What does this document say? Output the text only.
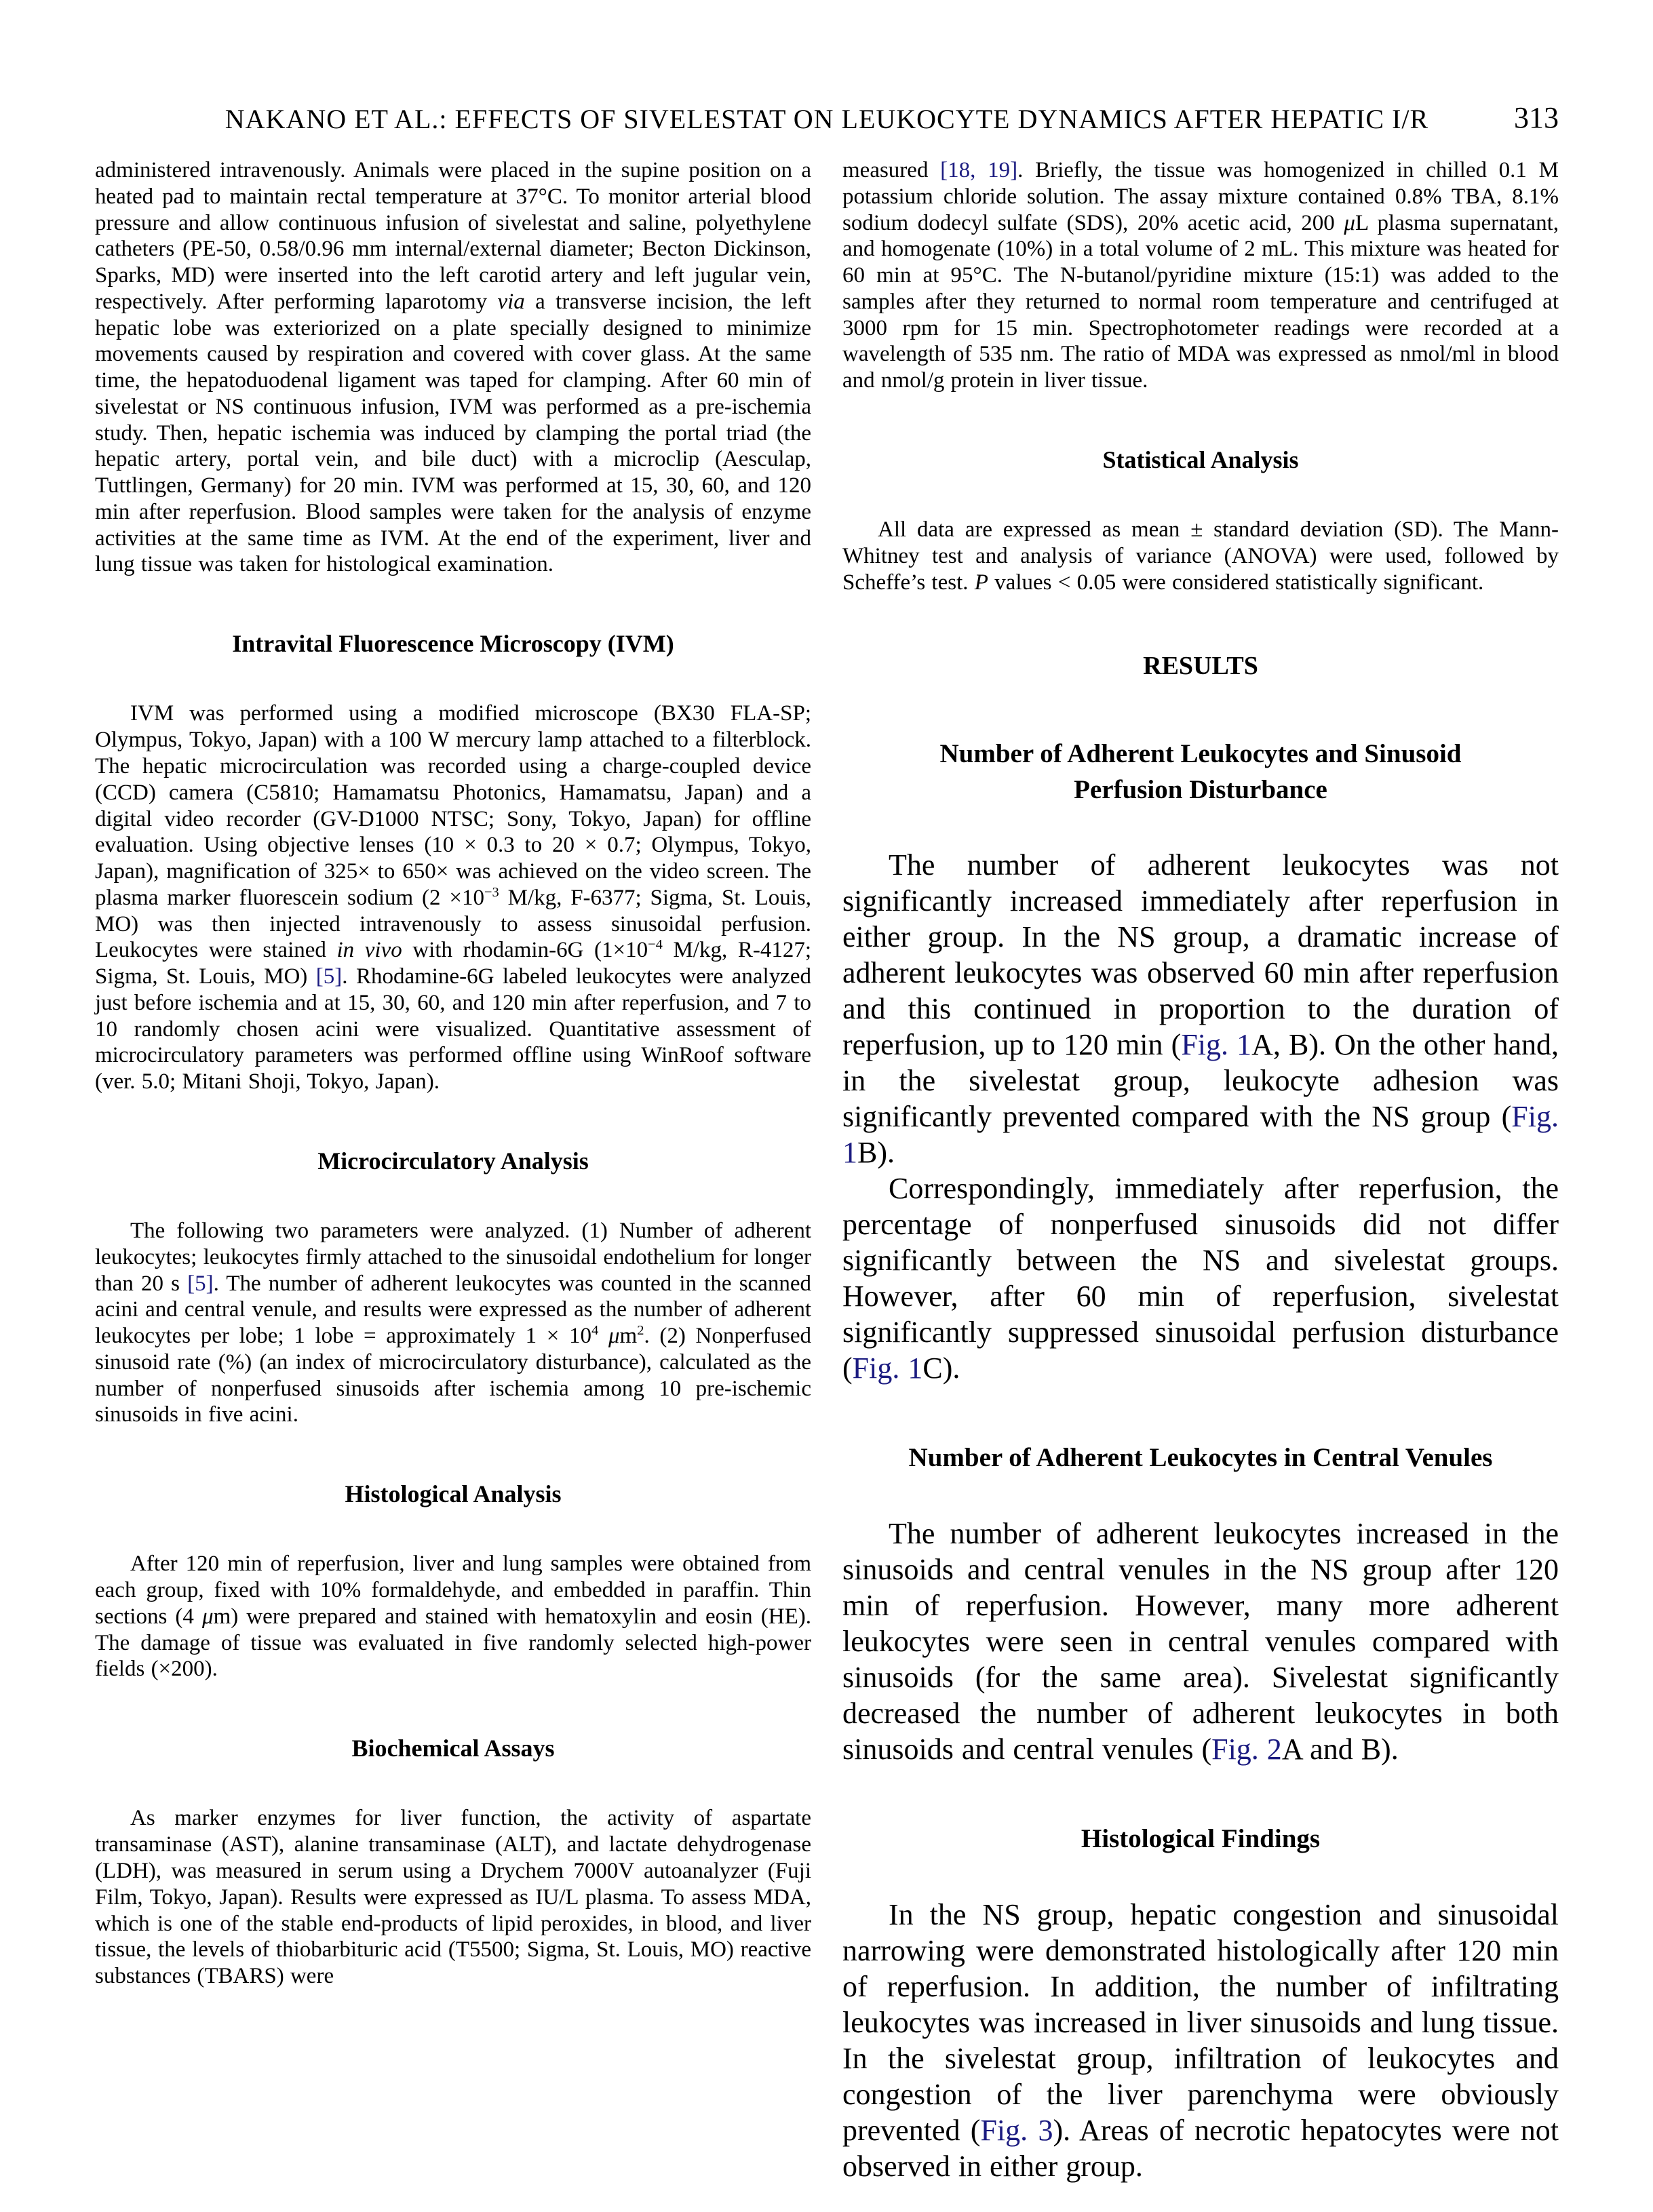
NAKANO ET AL.: EFFECTS OF SIVELESTAT ON LEUKOCYTE DYNAMICS AFTER HEPATIC I/R	313

administered intravenously. Animals were placed in the supine position on a heated pad to maintain rectal temperature at 37°C. To monitor arterial blood pressure and allow continuous infusion of sivelestat and saline, polyethylene catheters (PE-50, 0.58/0.96 mm internal/external diameter; Becton Dickinson, Sparks, MD) were inserted into the left carotid artery and left jugular vein, respectively. After performing laparotomy via a transverse incision, the left hepatic lobe was exteriorized on a plate specially designed to minimize movements caused by respiration and covered with cover glass. At the same time, the hepatoduodenal ligament was taped for clamping. After 60 min of sivelestat or NS continuous infusion, IVM was performed as a pre-ischemia study. Then, hepatic ischemia was induced by clamping the portal triad (the hepatic artery, portal vein, and bile duct) with a microclip (Aesculap, Tuttlingen, Germany) for 20 min. IVM was performed at 15, 30, 60, and 120 min after reperfusion. Blood samples were taken for the analysis of enzyme activities at the same time as IVM. At the end of the experiment, liver and lung tissue was taken for histological examination.

Intravital Fluorescence Microscopy (IVM)

IVM was performed using a modified microscope (BX30 FLA-SP; Olympus, Tokyo, Japan) with a 100 W mercury lamp attached to a filterblock. The hepatic microcirculation was recorded using a charge-coupled device (CCD) camera (C5810; Hamamatsu Photonics, Hamamatsu, Japan) and a digital video recorder (GV-D1000 NTSC; Sony, Tokyo, Japan) for offline evaluation. Using objective lenses (10 × 0.3 to 20 × 0.7; Olympus, Tokyo, Japan), magnification of 325× to 650× was achieved on the video screen. The plasma marker fluorescein sodium ($2 \times 10^{-3}$ M/kg, F-6377; Sigma, St. Louis, MO) was then injected intravenously to assess sinusoidal perfusion. Leukocytes were stained in vivo with rhodamin-6G ($1\times 10^{-4}$ M/kg, R-4127; Sigma, St. Louis, MO) [5]. Rhodamine-6G labeled leukocytes were analyzed just before ischemia and at 15, 30, 60, and 120 min after reperfusion, and 7 to 10 randomly chosen acini were visualized. Quantitative assessment of microcirculatory parameters was performed offline using WinRoof software (ver. 5.0; Mitani Shoji, Tokyo, Japan).

Microcirculatory Analysis

The following two parameters were analyzed. (1) Number of adherent leukocytes; leukocytes firmly attached to the sinusoidal endothelium for longer than 20 s [5]. The number of adherent leukocytes was counted in the scanned acini and central venule, and results were expressed as the number of adherent leukocytes per lobe; 1 lobe = approximately $1 \times 10^4$ $\mu m^2$. (2) Nonperfused sinusoid rate (%) (an index of microcirculatory disturbance), calculated as the number of nonperfused sinusoids after ischemia among 10 pre-ischemic sinusoids in five acini.

Histological Analysis

After 120 min of reperfusion, liver and lung samples were obtained from each group, fixed with 10% formaldehyde, and embedded in paraffin. Thin sections (4 μm) were prepared and stained with hematoxylin and eosin (HE). The damage of tissue was evaluated in five randomly selected high-power fields (×200).

Biochemical Assays

As marker enzymes for liver function, the activity of aspartate transaminase (AST), alanine transaminase (ALT), and lactate dehydrogenase (LDH), was measured in serum using a Drychem 7000V autoanalyzer (Fuji Film, Tokyo, Japan). Results were expressed as IU/L plasma. To assess MDA, which is one of the stable end-products of lipid peroxides, in blood, and liver tissue, the levels of thiobarbituric acid (T5500; Sigma, St. Louis, MO) reactive substances (TBARS) were

measured [18, 19]. Briefly, the tissue was homogenized in chilled 0.1 M potassium chloride solution. The assay mixture contained 0.8% TBA, 8.1% sodium dodecyl sulfate (SDS), 20% acetic acid, 200 μL plasma supernatant, and homogenate (10%) in a total volume of 2 mL. This mixture was heated for 60 min at 95°C. The N-butanol/pyridine mixture (15:1) was added to the samples after they returned to normal room temperature and centrifuged at 3000 rpm for 15 min. Spectrophotometer readings were recorded at a wavelength of 535 nm. The ratio of MDA was expressed as nmol/ml in blood and nmol/g protein in liver tissue.

Statistical Analysis

All data are expressed as mean ± standard deviation (SD). The Mann-Whitney test and analysis of variance (ANOVA) were used, followed by Scheffe’s test. P values < 0.05 were considered statistically significant.

RESULTS
Number of Adherent Leukocytes and Sinusoid Perfusion Disturbance

The number of adherent leukocytes was not significantly increased immediately after reperfusion in either group. In the NS group, a dramatic increase of adherent leukocytes was observed 60 min after reperfusion and this continued in proportion to the duration of reperfusion, up to 120 min (Fig. 1A, B). On the other hand, in the sivelestat group, leukocyte adhesion was significantly prevented compared with the NS group (Fig. 1B).

Correspondingly, immediately after reperfusion, the percentage of nonperfused sinusoids did not differ significantly between the NS and sivelestat groups. However, after 60 min of reperfusion, sivelestat significantly suppressed sinusoidal perfusion disturbance (Fig. 1C).

Number of Adherent Leukocytes in Central Venules

The number of adherent leukocytes increased in the sinusoids and central venules in the NS group after 120 min of reperfusion. However, many more adherent leukocytes were seen in central venules compared with sinusoids (for the same area). Sivelestat significantly decreased the number of adherent leukocytes in both sinusoids and central venules (Fig. 2A and B).

Histological Findings

In the NS group, hepatic congestion and sinusoidal narrowing were demonstrated histologically after 120 min of reperfusion. In addition, the number of infiltrating leukocytes was increased in liver sinusoids and lung tissue. In the sivelestat group, infiltration of leukocytes and congestion of the liver parenchyma were obviously prevented (Fig. 3). Areas of necrotic hepatocytes were not observed in either group.
